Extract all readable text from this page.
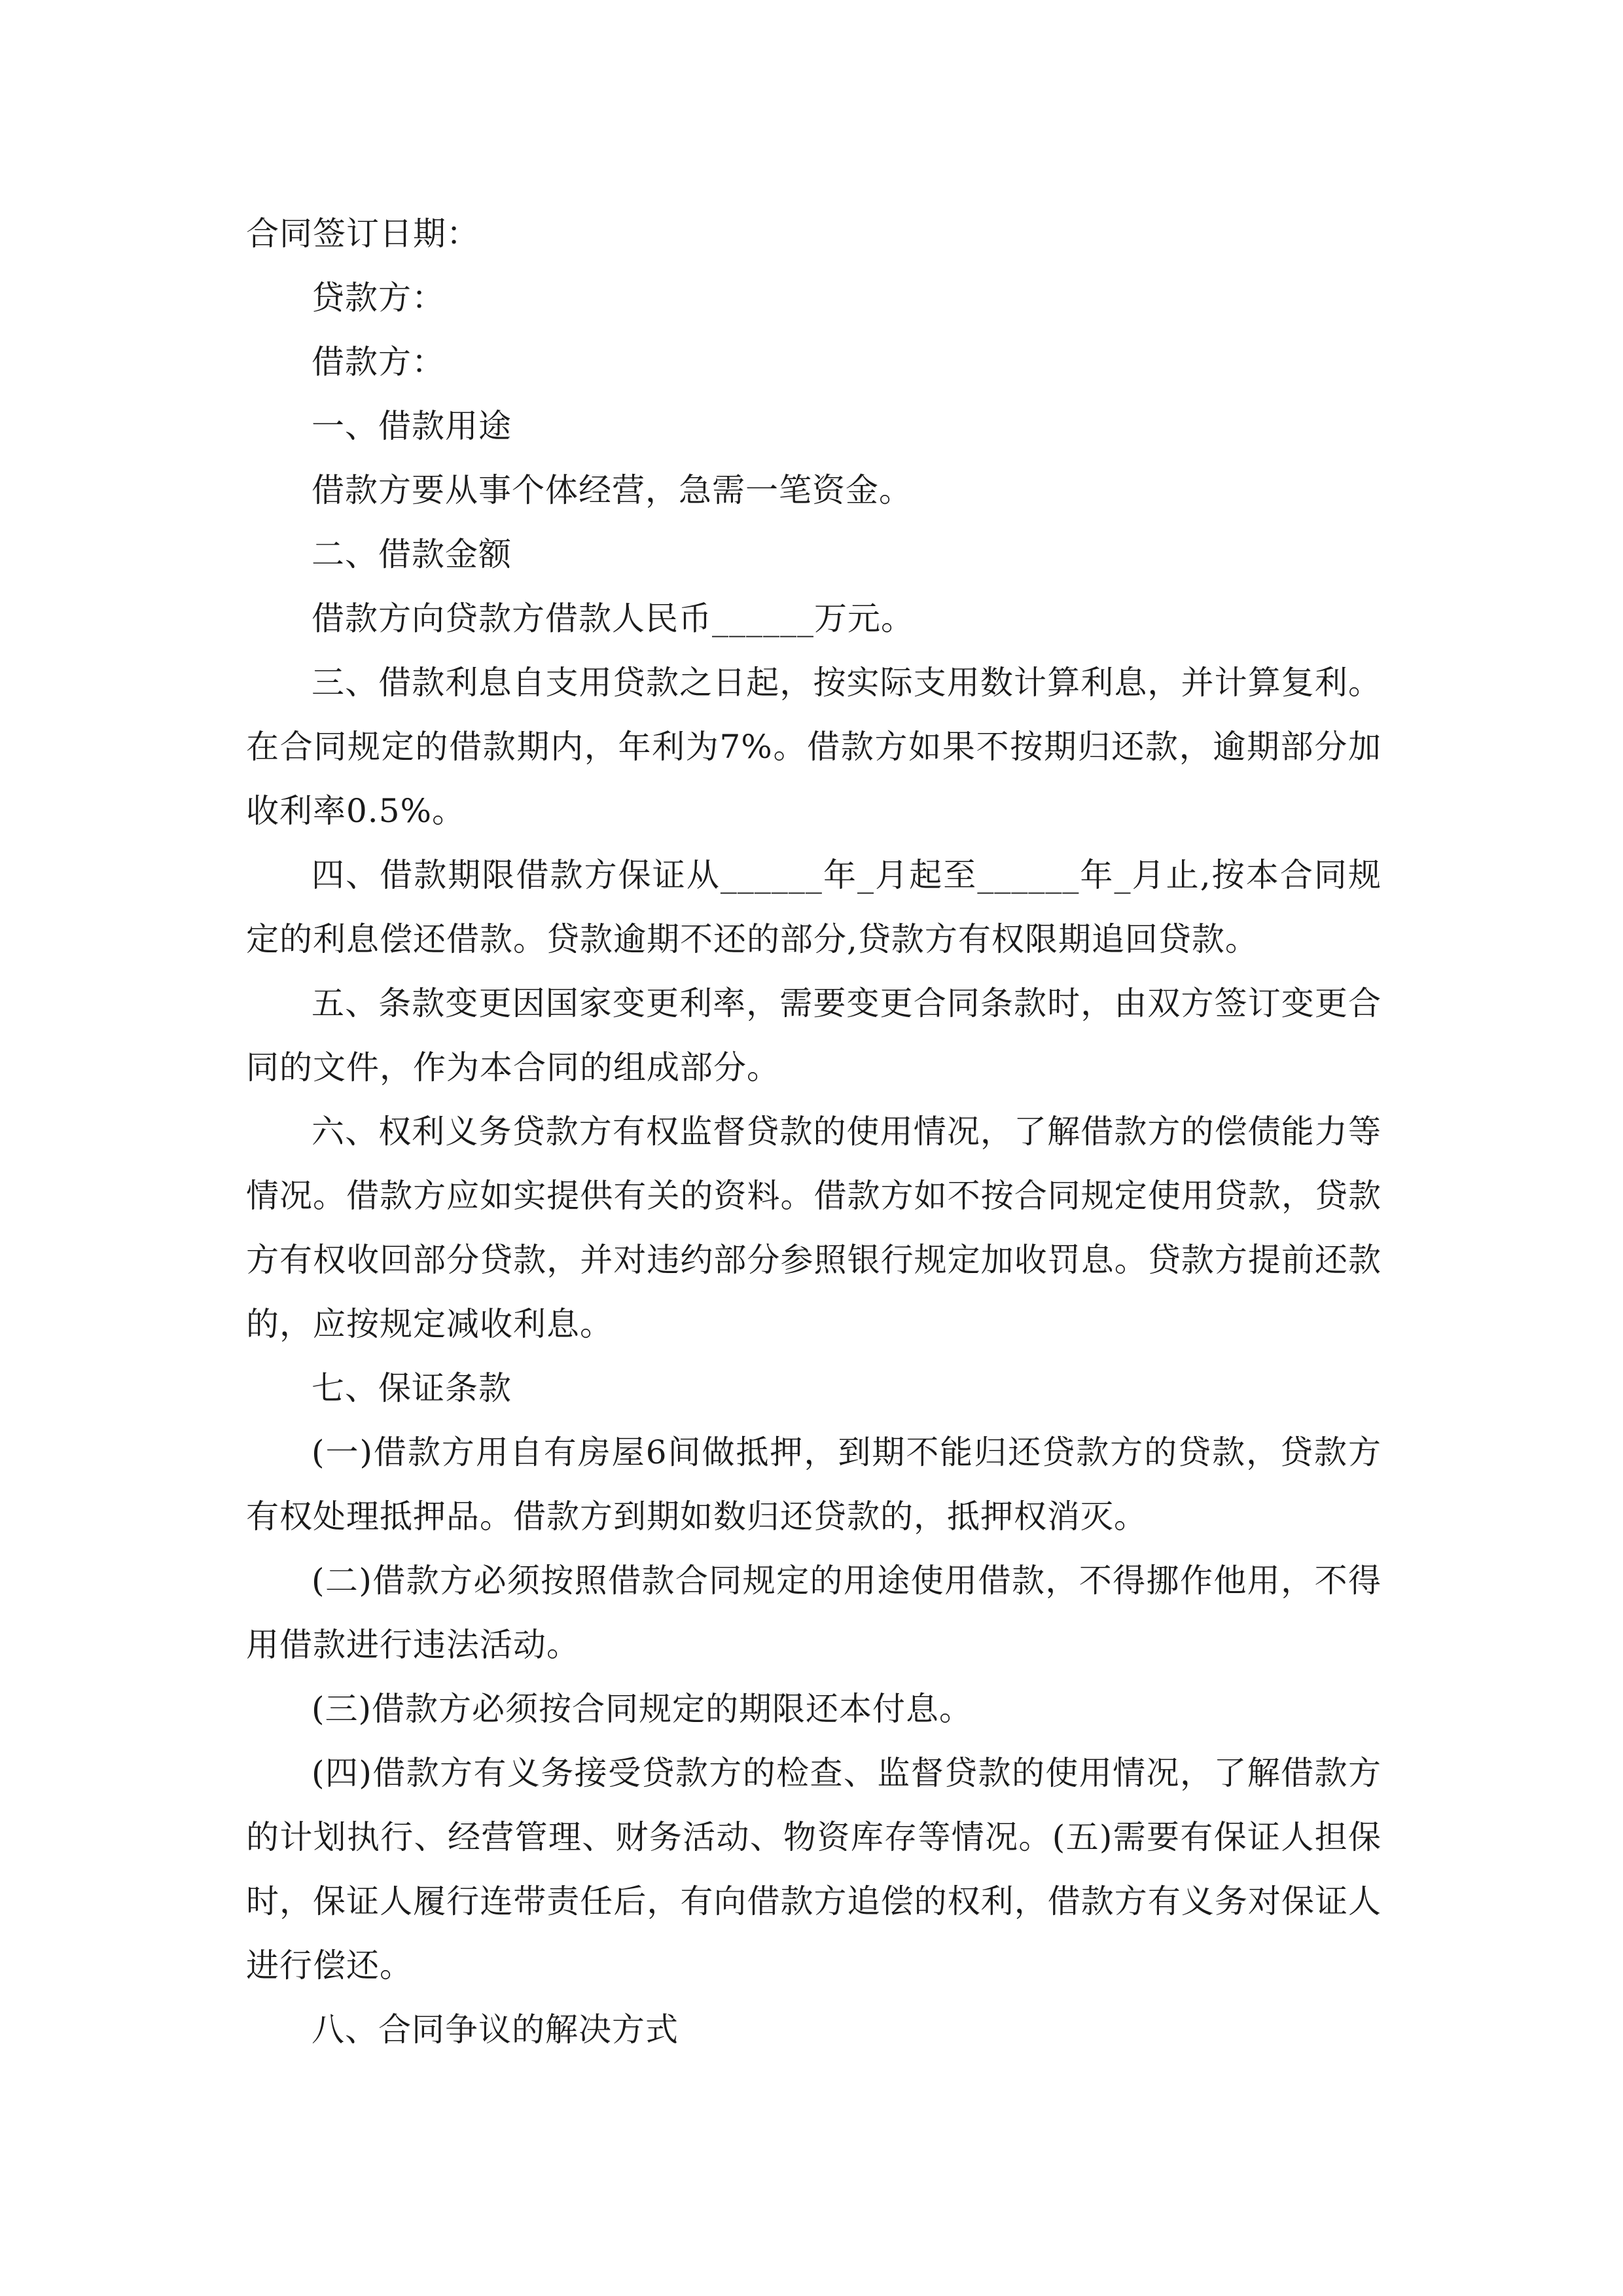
合同签订日期：

贷款方：

借款方：

一、借款用途

借款方要从事个体经营，急需一笔资金。

二、借款金额

借款方向贷款方借款人民币______万元。

三、借款利息自支用贷款之日起，按实际支用数计算利息，并计算复利。在合同规定的借款期内，年利为7%。借款方如果不按期归还款，逾期部分加收利率0.5%。

四、借款期限借款方保证从______年_月起至______年_月止,按本合同规定的利息偿还借款。贷款逾期不还的部分,贷款方有权限期追回贷款。

五、条款变更因国家变更利率，需要变更合同条款时，由双方签订变更合同的文件，作为本合同的组成部分。

六、权利义务贷款方有权监督贷款的使用情况，了解借款方的偿债能力等情况。借款方应如实提供有关的资料。借款方如不按合同规定使用贷款，贷款方有权收回部分贷款，并对违约部分参照银行规定加收罚息。贷款方提前还款的，应按规定减收利息。

七、保证条款

(一)借款方用自有房屋6间做抵押，到期不能归还贷款方的贷款，贷款方有权处理抵押品。借款方到期如数归还贷款的，抵押权消灭。

(二)借款方必须按照借款合同规定的用途使用借款，不得挪作他用，不得用借款进行违法活动。

(三)借款方必须按合同规定的期限还本付息。

(四)借款方有义务接受贷款方的检查、监督贷款的使用情况，了解借款方的计划执行、经营管理、财务活动、物资库存等情况。(五)需要有保证人担保时，保证人履行连带责任后，有向借款方追偿的权利，借款方有义务对保证人进行偿还。

八、合同争议的解决方式
